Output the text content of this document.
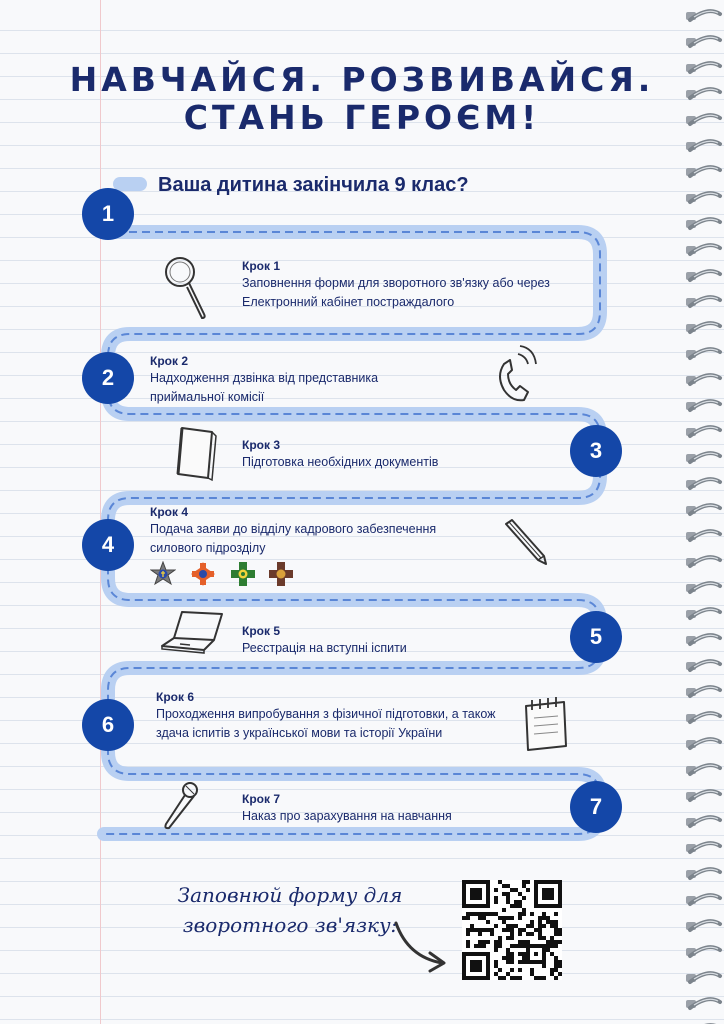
НАВЧАЙСЯ. РОЗВИВАЙСЯ.
СТАНЬ ГЕРОЄМ!
Ваша дитина закінчила 9 клас?
1
2
3
4
5
6
7
Крок 1
Заповнення форми для зворотного зв'язку або через Електронний кабінет постраждалого
Крок 2
Надходження дзвінка від представника приймальної комісії
Крок 3
Підготовка необхідних документів
Крок 4
Подача заяви до відділу кадрового забезпечення силового підрозділу
Крок 5
Реєстрація на вступні іспити
Крок 6
Проходження випробування з фізичної підготовки, а також здача іспитів з української мови та історії України
Крок 7
Наказ про зарахування на навчання
Заповнюй форму для
зворотного зв'язку:
